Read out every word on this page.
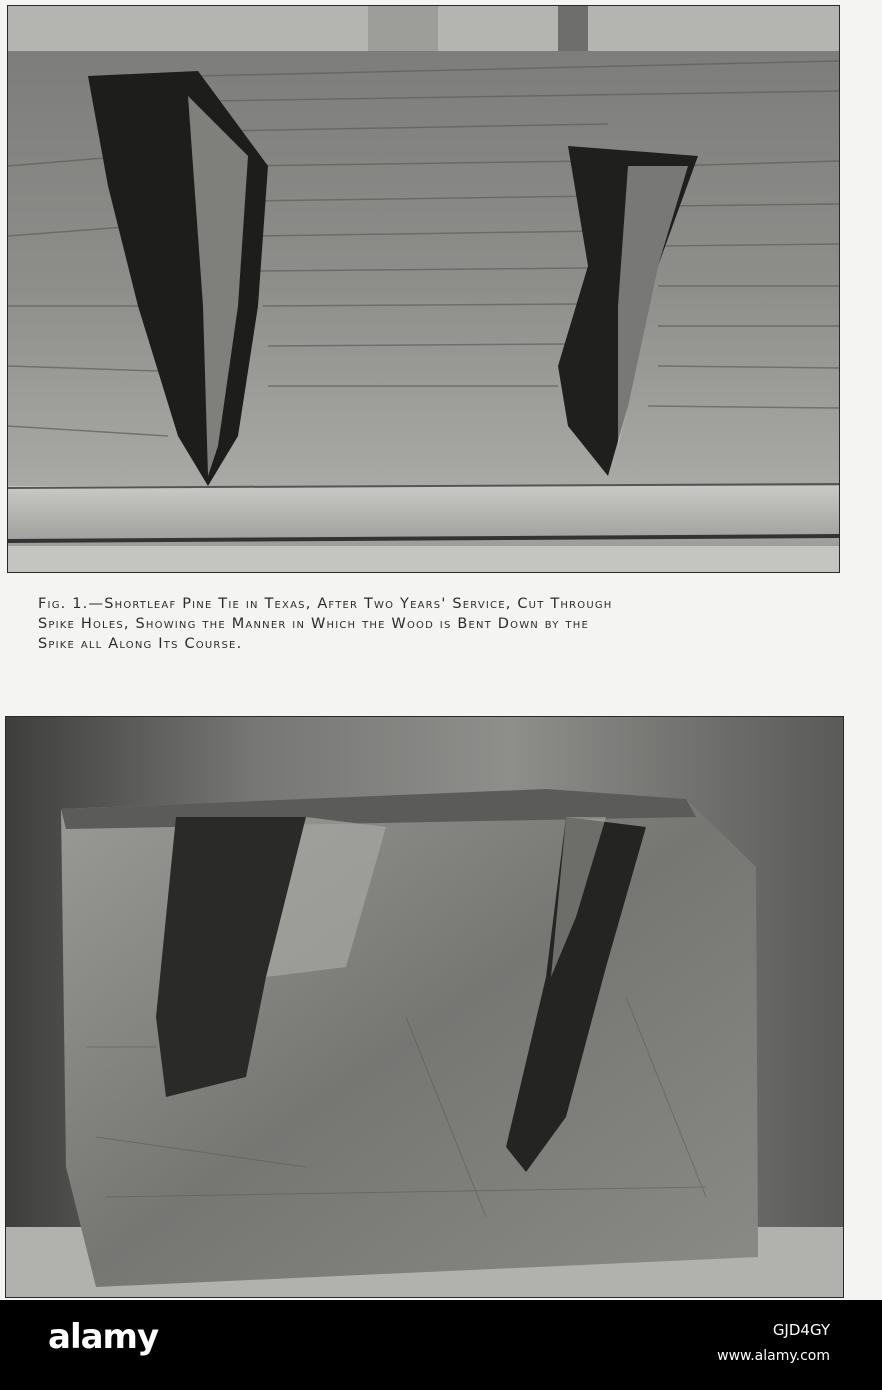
Fig. 1.—Shortleaf Pine Tie in Texas, After Two Years' Service, Cut Through
Spike Holes, Showing the Manner in Which the Wood is Bent Down by the
Spike all Along Its Course.
alamy	GJD4GY
www.alamy.com
